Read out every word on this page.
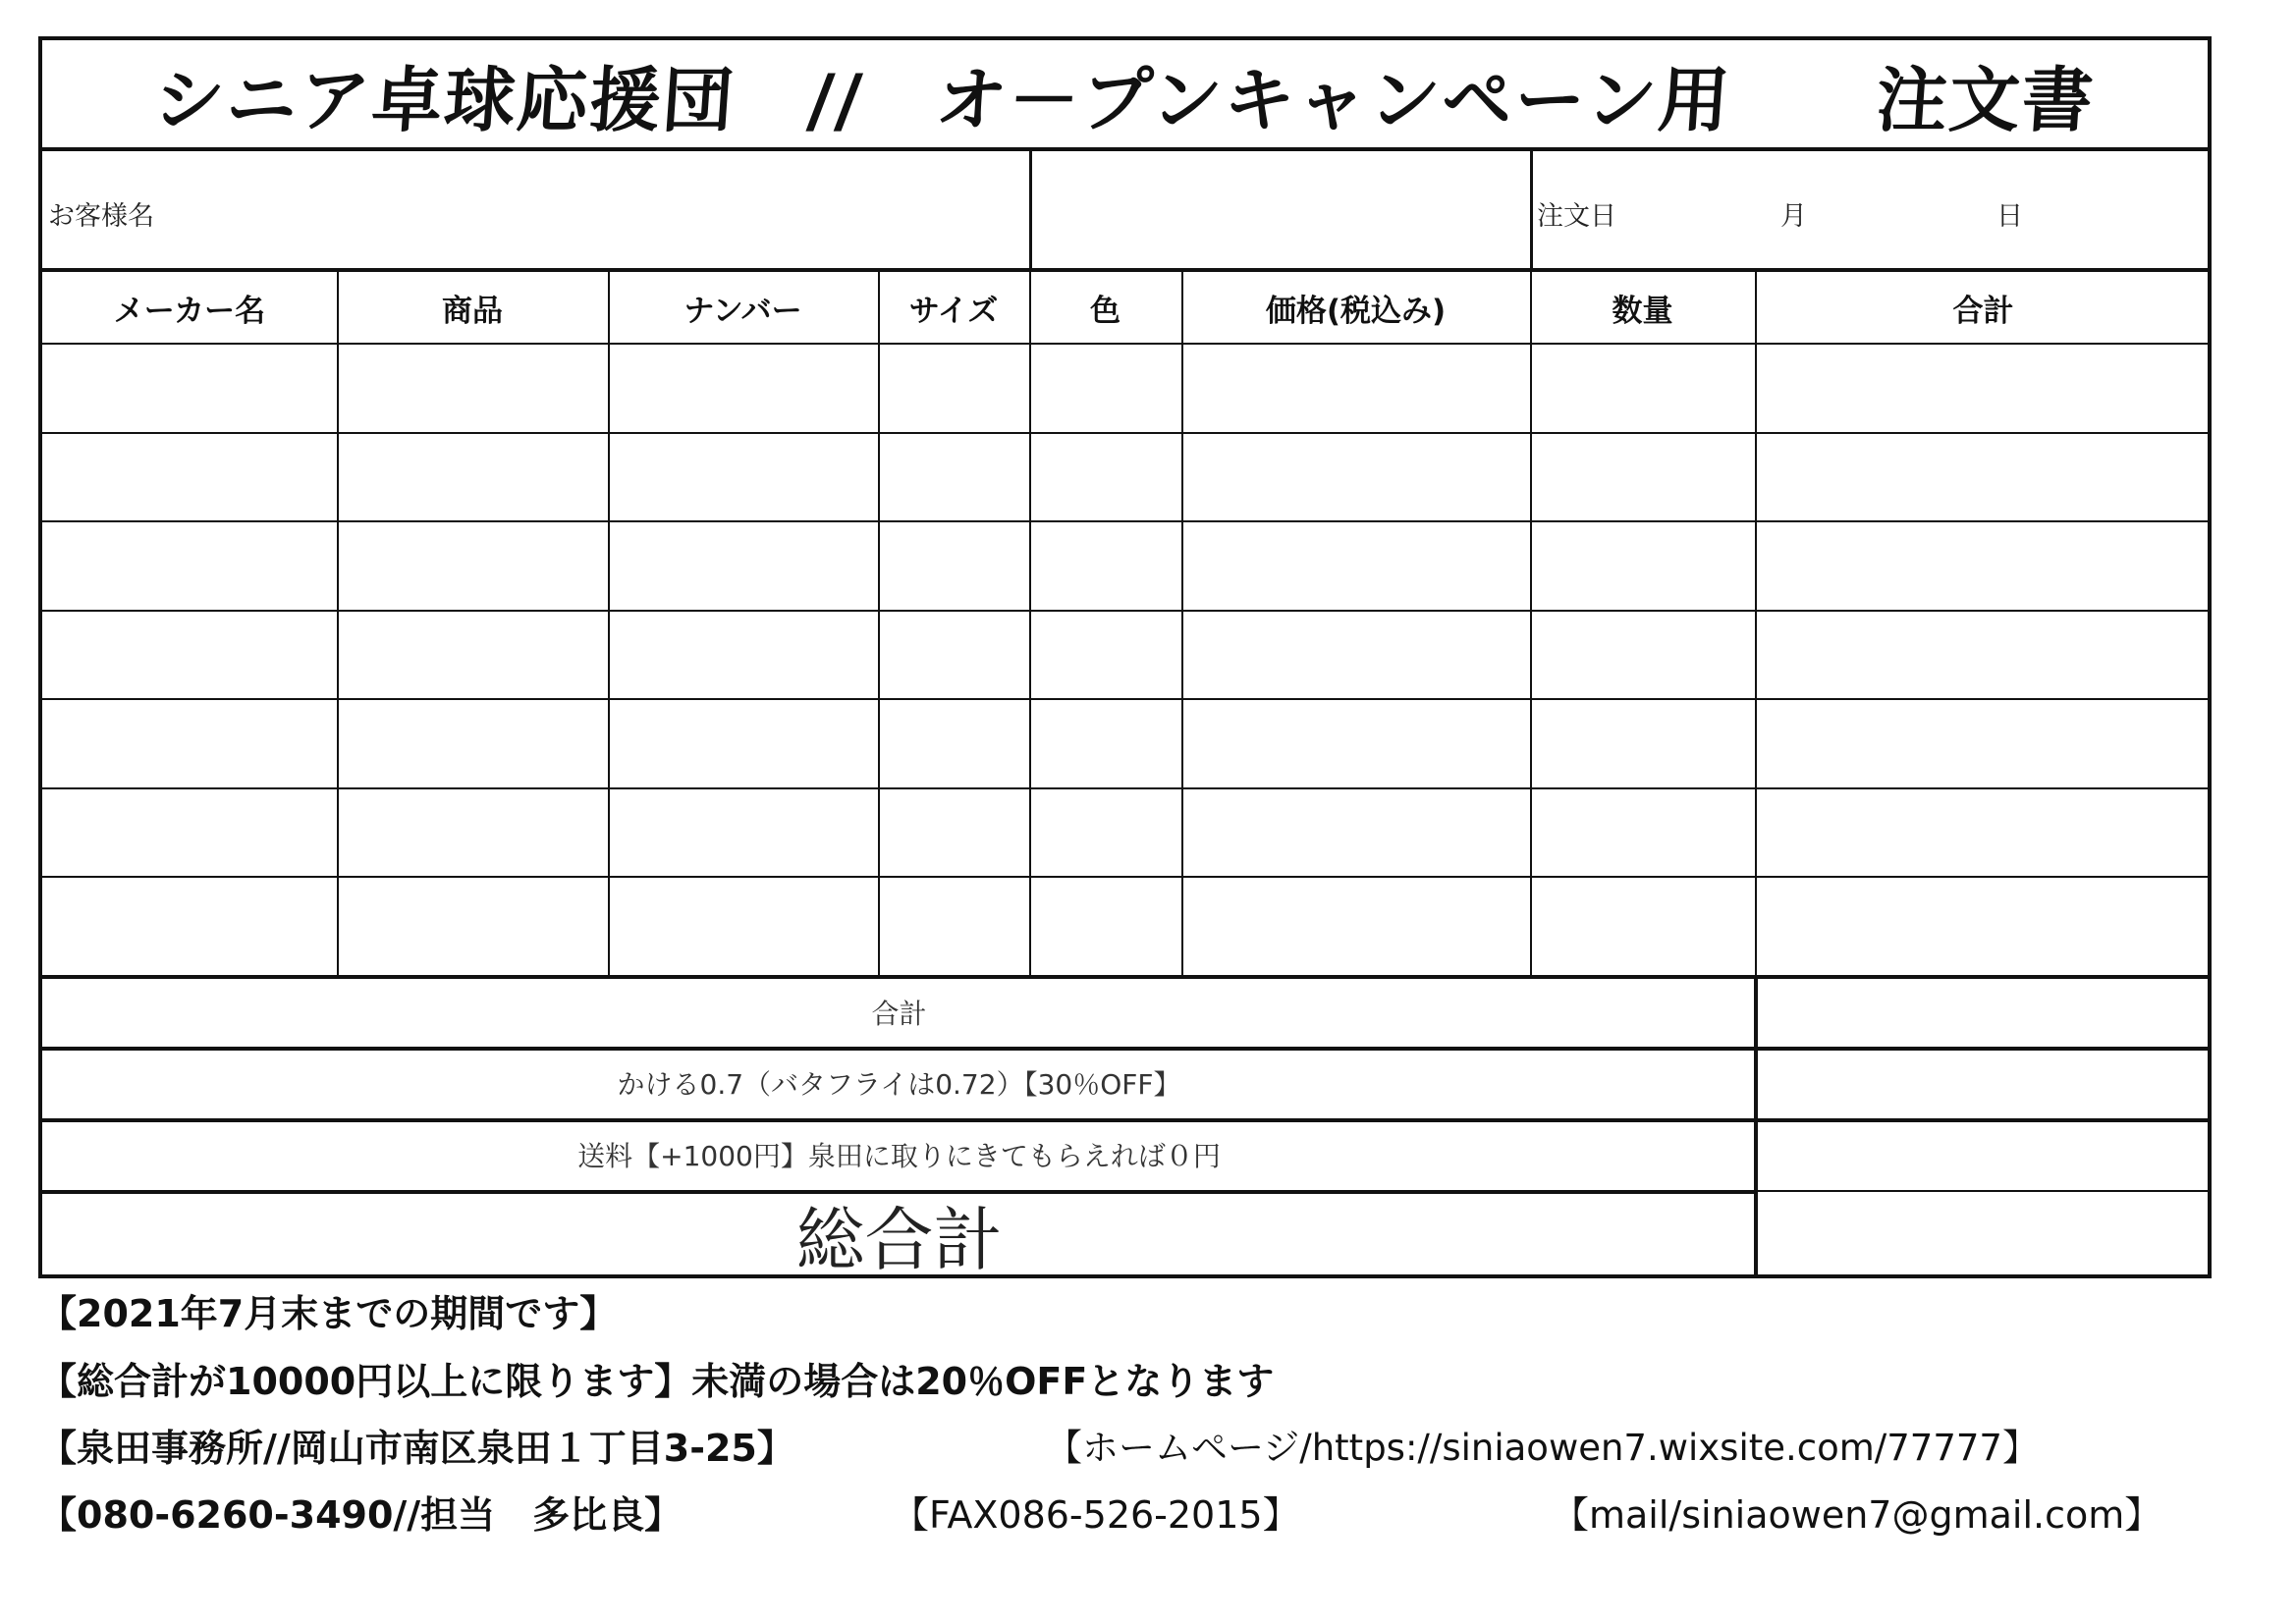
シニア卓球応援団　//　オ－プンキャンペーン用　　注文書
お客様名	注文日	月	日
メーカー名	商品	ナンバー	サイズ	色	価格(税込み)	数量	合計
合計
かける0.7（バタフライは0.72）【30％OFF】
送料【+1000円】泉田に取りにきてもらえれば０円
総合計
【2021年7月末までの期間です】
【総合計が10000円以上に限ります】未満の場合は20％OFFとなります
【泉田事務所//岡山市南区泉田１丁目3-25】	【ホームページ/https://siniaowen7.wixsite.com/77777】
【080-6260-3490//担当　多比良】	【FAX086-526-2015】	【mail/siniaowen7@gmail.com】
